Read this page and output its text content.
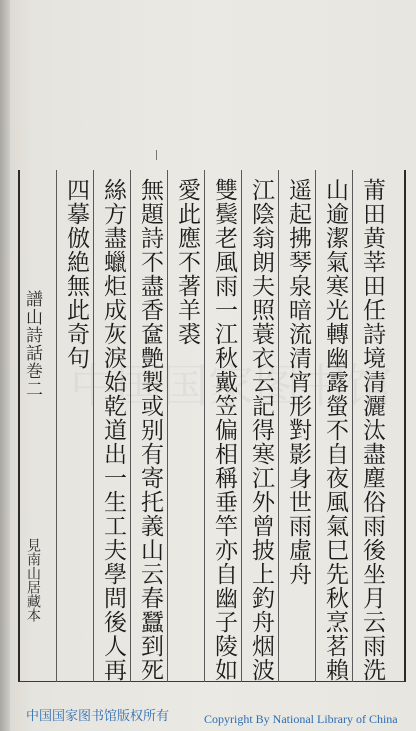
中国国家图书馆
譜山詩話巻二
見南山居藏本
莆田黄莘田任詩境清灑汰盡塵俗雨後坐月云雨洗
山逾潔氣寒光轉幽露螢不自夜風氣巳先秋烹茗賴
遥起拂琴泉暗流清宵形對影身世雨虛舟
江陰翁朗夫照蓑衣云記得寒江外曾披上釣舟烟波
雙鬓老風雨一江秋戴笠偏相稱垂竿亦自幽子陵如
愛此應不著羊裘
無題詩不盡香奩艶製或别有寄托義山云春蠶到死
絲方盡蠟炬成灰淚始乾道出一生工夫學問後人再
四摹倣絶無此奇句
中国国家图书馆版权所有	Copyright By National Library of China
